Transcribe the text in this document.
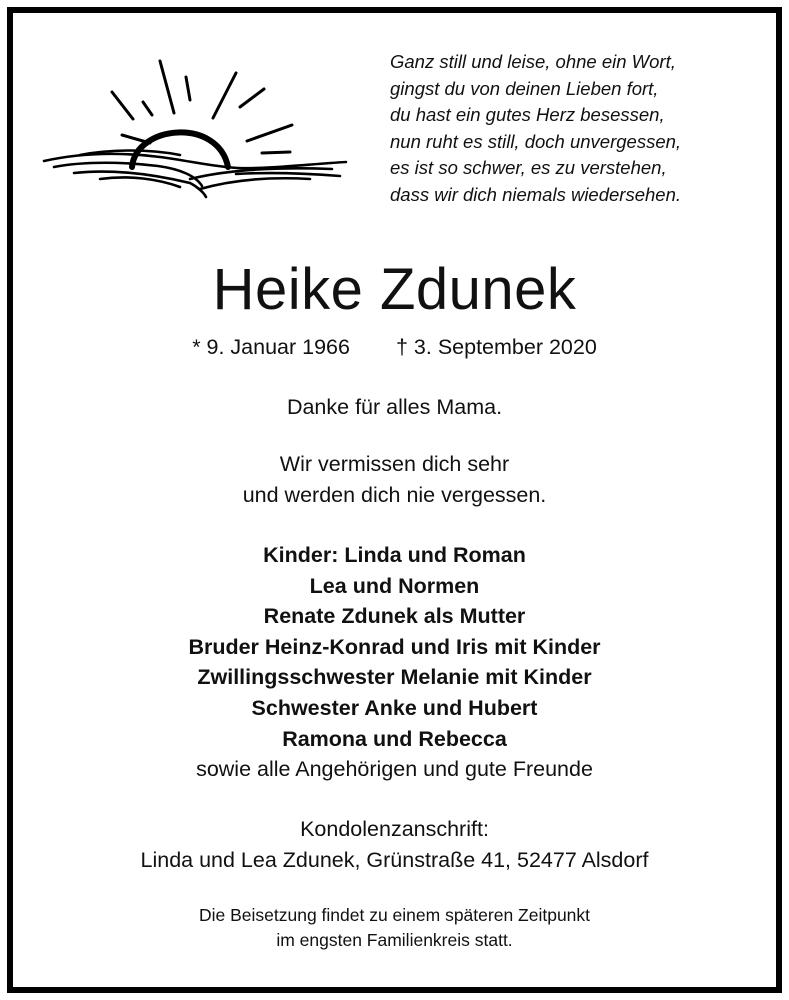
Ganz still und leise, ohne ein Wort,
gingst du von deinen Lieben fort,
du hast ein gutes Herz besessen,
nun ruht es still, doch unvergessen,
es ist so schwer, es zu verstehen,
dass wir dich niemals wiedersehen.
Heike Zdunek
* 9. Januar 1966 † 3. September 2020
Danke für alles Mama.
Wir vermissen dich sehr
und werden dich nie vergessen.
Kinder: Linda und Roman
Lea und Normen
Renate Zdunek als Mutter
Bruder Heinz-Konrad und Iris mit Kinder
Zwillingsschwester Melanie mit Kinder
Schwester Anke und Hubert
Ramona und Rebecca
sowie alle Angehörigen und gute Freunde
Kondolenzanschrift:
Linda und Lea Zdunek, Grünstraße 41, 52477 Alsdorf
Die Beisetzung findet zu einem späteren Zeitpunkt
im engsten Familienkreis statt.
